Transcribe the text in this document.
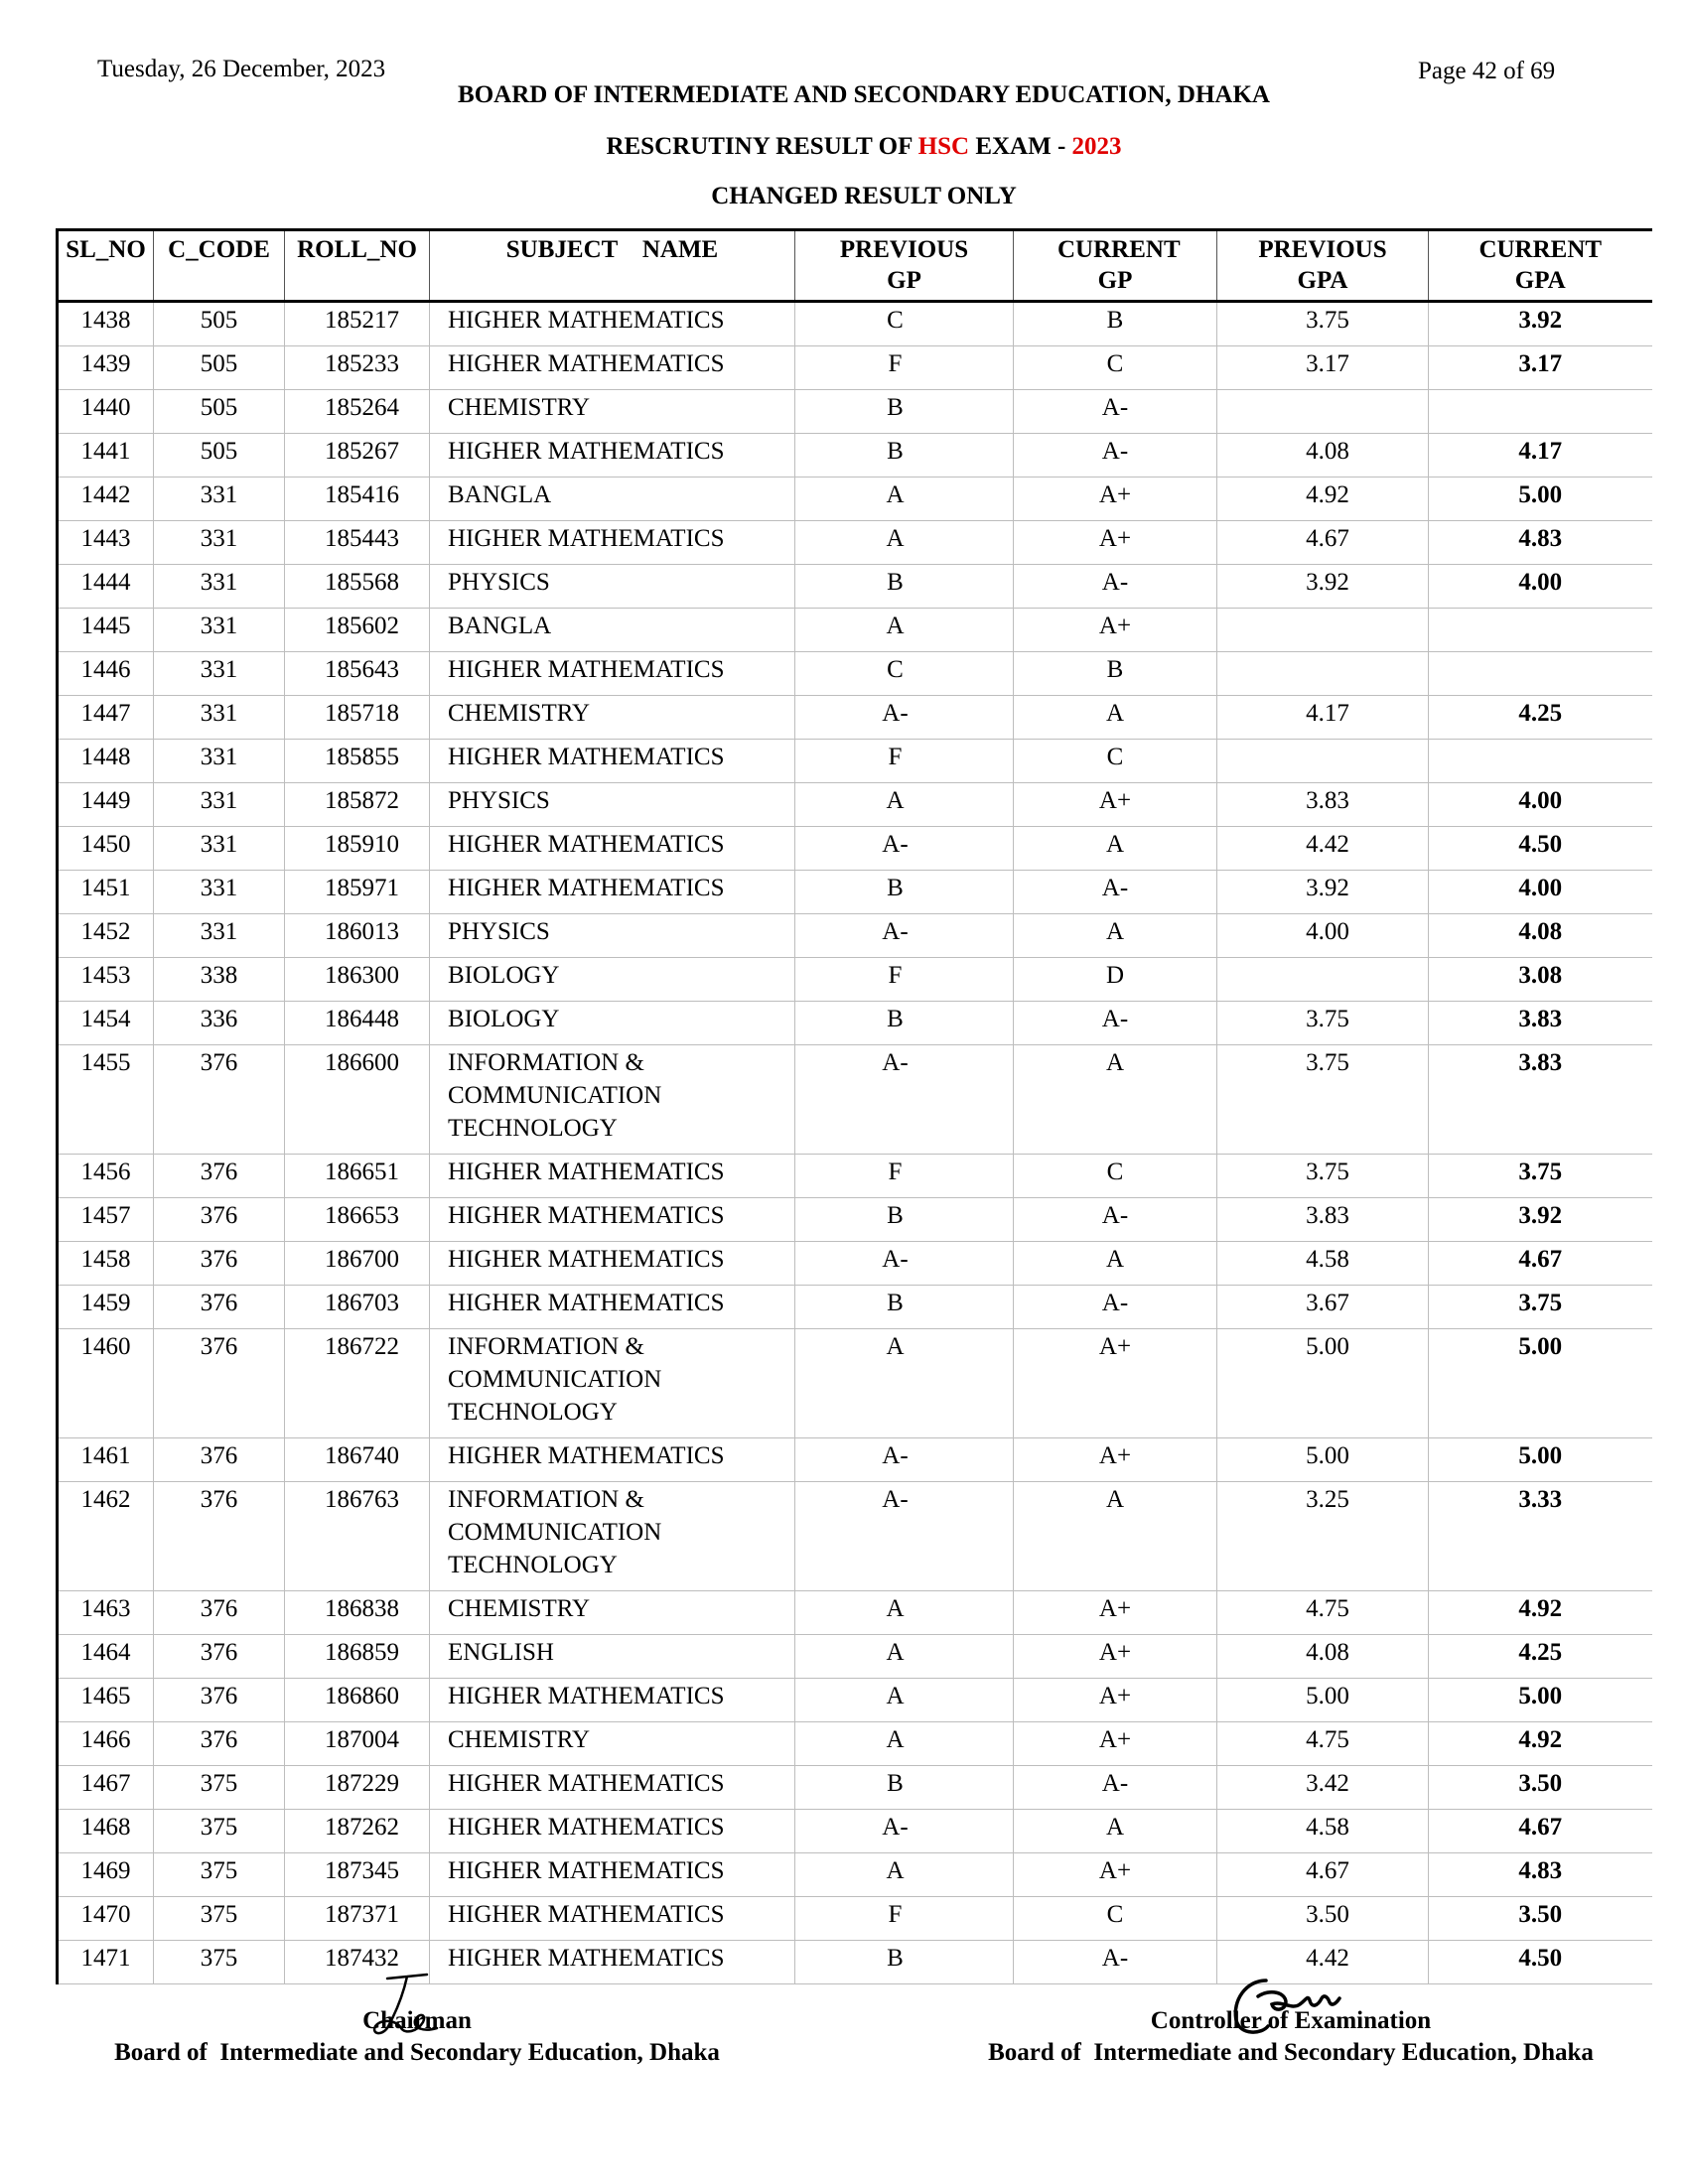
Tuesday, 26 December, 2023	Page 42 of 69
BOARD OF INTERMEDIATE AND SECONDARY EDUCATION, DHAKA
RESCRUTINY RESULT OF HSC EXAM - 2023
CHANGED RESULT ONLY
SL_NO	C_CODE	ROLL_NO	SUBJECT    NAME	PREVIOUS GP	CURRENT GP	PREVIOUS GPA	CURRENT GPA
1438	505	185217	HIGHER MATHEMATICS	C	B	3.75	3.92
1439	505	185233	HIGHER MATHEMATICS	F	C	3.17	3.17
1440	505	185264	CHEMISTRY	B	A-		
1441	505	185267	HIGHER MATHEMATICS	B	A-	4.08	4.17
1442	331	185416	BANGLA	A	A+	4.92	5.00
1443	331	185443	HIGHER MATHEMATICS	A	A+	4.67	4.83
1444	331	185568	PHYSICS	B	A-	3.92	4.00
1445	331	185602	BANGLA	A	A+		
1446	331	185643	HIGHER MATHEMATICS	C	B		
1447	331	185718	CHEMISTRY	A-	A	4.17	4.25
1448	331	185855	HIGHER MATHEMATICS	F	C		
1449	331	185872	PHYSICS	A	A+	3.83	4.00
1450	331	185910	HIGHER MATHEMATICS	A-	A	4.42	4.50
1451	331	185971	HIGHER MATHEMATICS	B	A-	3.92	4.00
1452	331	186013	PHYSICS	A-	A	4.00	4.08
1453	338	186300	BIOLOGY	F	D		3.08
1454	336	186448	BIOLOGY	B	A-	3.75	3.83
1455	376	186600	INFORMATION & COMMUNICATION TECHNOLOGY	A-	A	3.75	3.83
1456	376	186651	HIGHER MATHEMATICS	F	C	3.75	3.75
1457	376	186653	HIGHER MATHEMATICS	B	A-	3.83	3.92
1458	376	186700	HIGHER MATHEMATICS	A-	A	4.58	4.67
1459	376	186703	HIGHER MATHEMATICS	B	A-	3.67	3.75
1460	376	186722	INFORMATION & COMMUNICATION TECHNOLOGY	A	A+	5.00	5.00
1461	376	186740	HIGHER MATHEMATICS	A-	A+	5.00	5.00
1462	376	186763	INFORMATION & COMMUNICATION TECHNOLOGY	A-	A	3.25	3.33
1463	376	186838	CHEMISTRY	A	A+	4.75	4.92
1464	376	186859	ENGLISH	A	A+	4.08	4.25
1465	376	186860	HIGHER MATHEMATICS	A	A+	5.00	5.00
1466	376	187004	CHEMISTRY	A	A+	4.75	4.92
1467	375	187229	HIGHER MATHEMATICS	B	A-	3.42	3.50
1468	375	187262	HIGHER MATHEMATICS	A-	A	4.58	4.67
1469	375	187345	HIGHER MATHEMATICS	A	A+	4.67	4.83
1470	375	187371	HIGHER MATHEMATICS	F	C	3.50	3.50
1471	375	187432	HIGHER MATHEMATICS	B	A-	4.42	4.50
Chairman
Board of  Intermediate and Secondary Education, Dhaka
Controller of Examination
Board of  Intermediate and Secondary Education, Dhaka
